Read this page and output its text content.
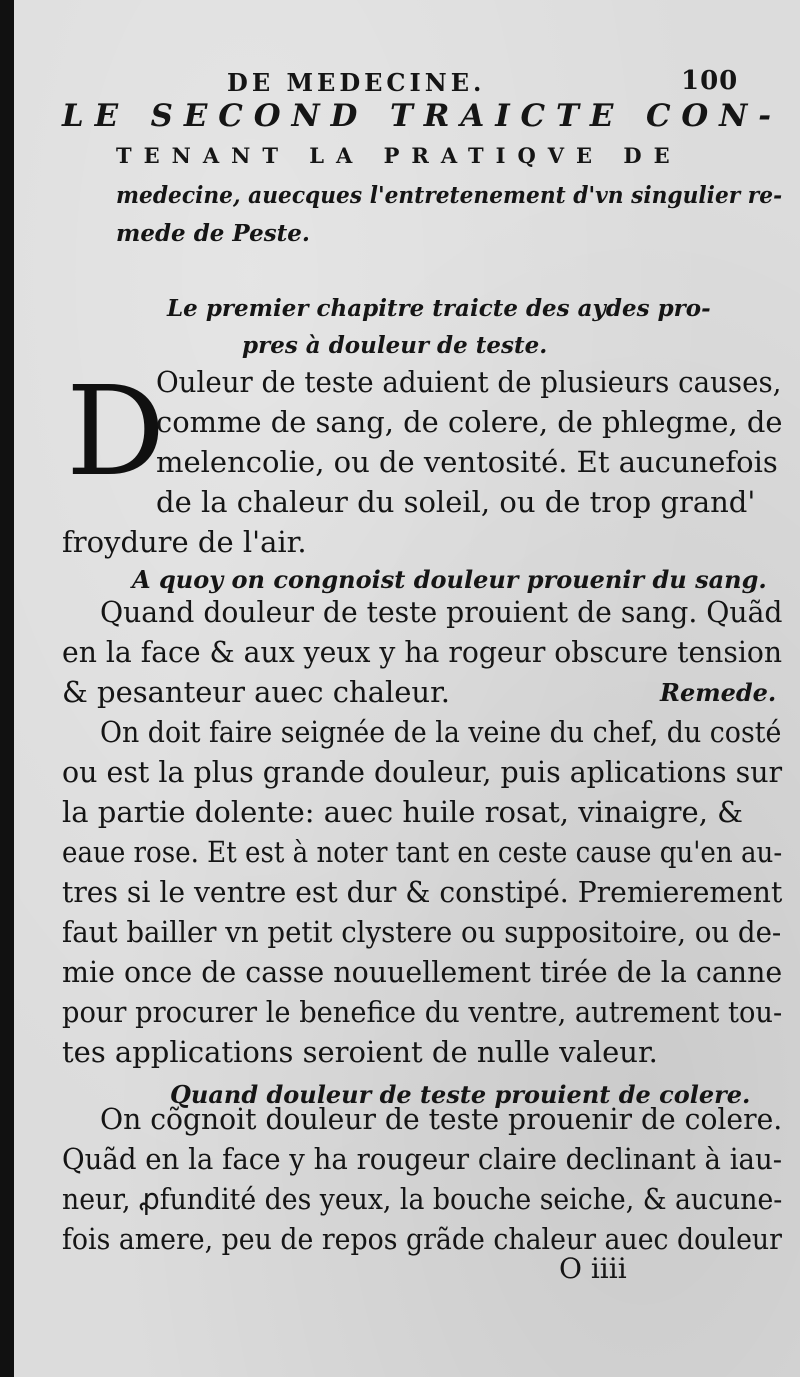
DE MEDECINE.	100
LE SECOND TRAICTE CON-
TENANT LA PRATIQVE DE
medecine, auecques l'entretenement d'vn singulier re-
mede de Peste.
Le premier chapitre traicte des aydes pro-
pres à douleur de teste.
D
Ouleur de teste aduient de plusieurs causes,
comme de sang, de colere, de phlegme, de
melencolie, ou de ventosité. Et aucunefois
de la chaleur du soleil, ou de trop grand'
froydure de l'air.
A quoy on congnoist douleur prouenir du sang.
Quand douleur de teste prouient de sang. Quãd
en la face & aux yeux y ha rogeur obscure tension
& pesanteur auec chaleur.	Remede.
On doit faire seignée de la veine du chef, du costé
ou est la plus grande douleur, puis aplications sur
la partie dolente: auec huile rosat, vinaigre, &
eaue rose. Et est à noter tant en ceste cause qu'en au-
tres si le ventre est dur & constipé. Premierement
faut bailler vn petit clystere ou suppositoire, ou de-
mie once de casse nouuellement tirée de la canne
pour procurer le benefice du ventre, autrement tou-
tes applications seroient de nulle valeur.
Quand douleur de teste prouient de colere.
On cõgnoit douleur de teste prouenir de colere.
Quãd en la face y ha rougeur claire declinant à iau-
neur, ꝓfundité des yeux, la bouche seiche, & aucune-
fois amere, peu de repos grãde chaleur auec douleur
O iiii
